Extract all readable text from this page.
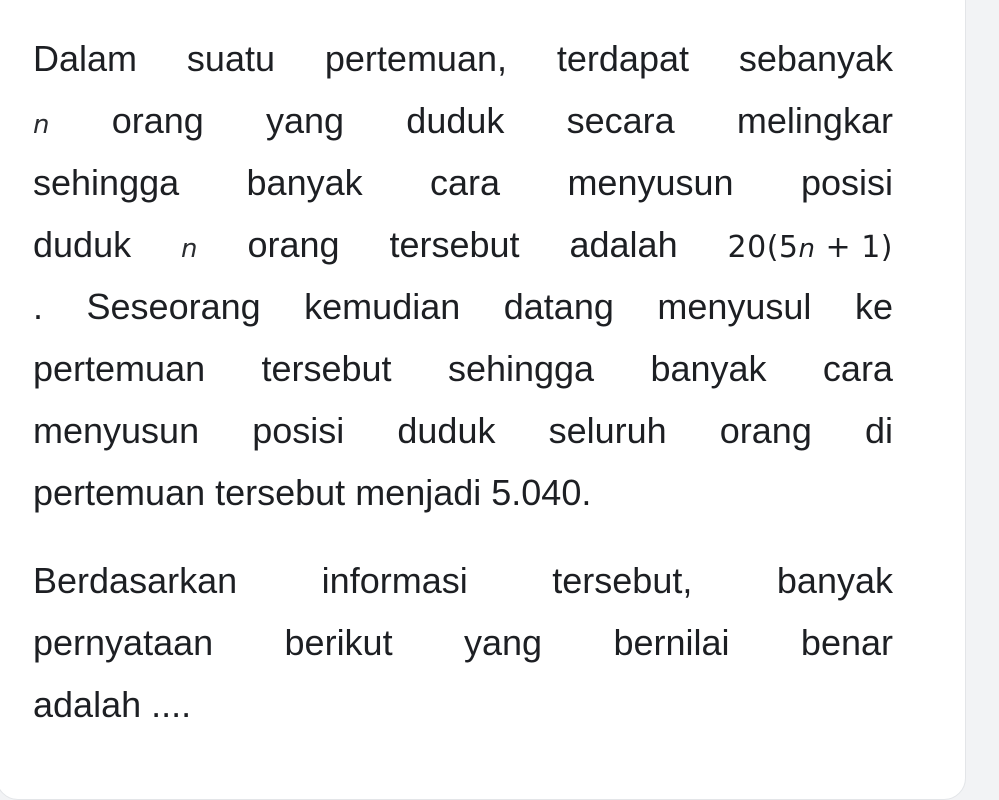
Dalam suatu pertemuan, terdapat sebanyak
n orang yang duduk secara melingkar
sehingga banyak cara menyusun posisi
duduk n orang tersebut adalah 20(5n + 1)
. Seseorang kemudian datang menyusul ke
pertemuan tersebut sehingga banyak cara
menyusun posisi duduk seluruh orang di
pertemuan tersebut menjadi 5.040.
Berdasarkan informasi tersebut, banyak
pernyataan berikut yang bernilai benar
adalah ....
